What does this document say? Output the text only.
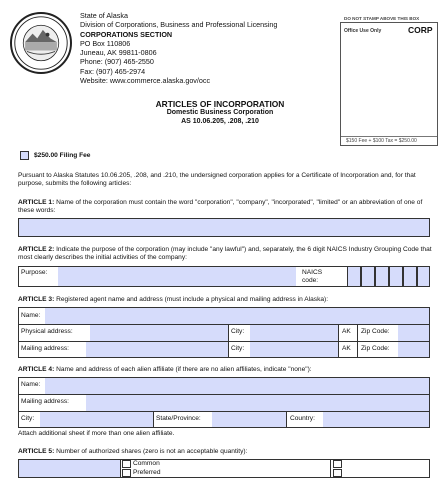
State of Alaska
Division of Corporations, Business and Professional Licensing
CORPORATIONS SECTION
PO Box 110806
Juneau, AK 99811-0806
Phone: (907) 465-2550
Fax: (907) 465-2974
Website: www.commerce.alaska.gov/occ
DO NOT STAMP ABOVE THIS BOX
Office Use Only	CORP
$150 Fee + $100 Tax = $250.00
ARTICLES OF INCORPORATION
Domestic Business Corporation
AS 10.06.205, .208, .210
$250.00 Filing Fee
Pursuant to Alaska Statutes 10.06.205, .208, and .210, the undersigned corporation applies for a Certificate of Incorporation and, for that purpose, submits the following articles:
ARTICLE 1: Name of the corporation must contain the word "corporation", "company", "incorporated", "limited" or an abbreviation of one of these words:
ARTICLE 2: Indicate the purpose of the corporation (may include "any lawful") and, separately, the 6 digit NAICS Industry Grouping Code that most clearly describes the initial activities of the company:
Purpose:	NAICS
code:
ARTICLE 3: Registered agent name and address (must include a physical and mailing address in Alaska):
Name:
Physical address:	City:	AK Zip Code:
Mailing address:	City:	AK Zip Code:
ARTICLE 4: Name and address of each alien affiliate (if there are no alien affiliates, indicate "none"):
Name:
Mailing address:
City:	State/Province:	Country:
Attach additional sheet if more than one alien affiliate.
ARTICLE 5: Number of authorized shares (zero is not an acceptable quantity):
Common
Preferred
